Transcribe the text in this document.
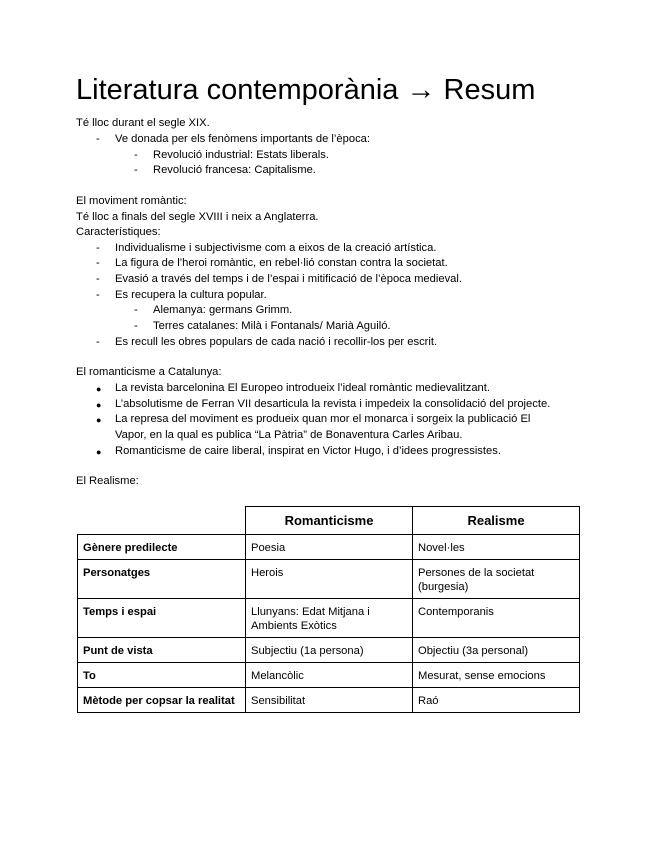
Literatura contemporània → Resum
Té lloc durant el segle XIX.
- Ve donada per els fenòmens importants de l’època:
- Revolució industrial: Estats liberals.
- Revolució francesa: Capitalisme.
El moviment romàntic:
Té lloc a finals del segle XVIII i neix a Anglaterra.
Característiques:
- Individualisme i subjectivisme com a eixos de la creació artística.
- La figura de l’heroi romàntic, en rebel·lió constan contra la societat.
- Evasió a través del temps i de l’espai i mitificació de l’època medieval.
- Es recupera la cultura popular.
- Alemanya: germans Grimm.
- Terres catalanes: Milà i Fontanals/ Marià Aguiló.
- Es recull les obres populars de cada nació i recollir-los per escrit.
El romanticisme a Catalunya:
● La revista barcelonina El Europeo introdueix l’ideal romàntic medievalitzant.
● L’absolutisme de Ferran VII desarticula la revista i impedeix la consolidació del projecte.
● La represa del moviment es produeix quan mor el monarca i sorgeix la publicació El
Vapor, en la qual es publica “La Pàtria” de Bonaventura Carles Aribau.
● Romanticisme de caire liberal, inspirat en Victor Hugo, i d’idees progressistes.
El Realisme:
	Romanticisme	Realisme
Gènere predilecte	Poesia	Novel·les
Personatges	Herois	Persones de la societat (burgesia)
Temps i espai	Llunyans: Edat Mitjana i Ambients Exòtics	Contemporanis
Punt de vista	Subjectiu (1a persona)	Objectiu (3a personal)
To	Melancòlic	Mesurat, sense emocions
Mètode per copsar la realitat	Sensibilitat	Raó
